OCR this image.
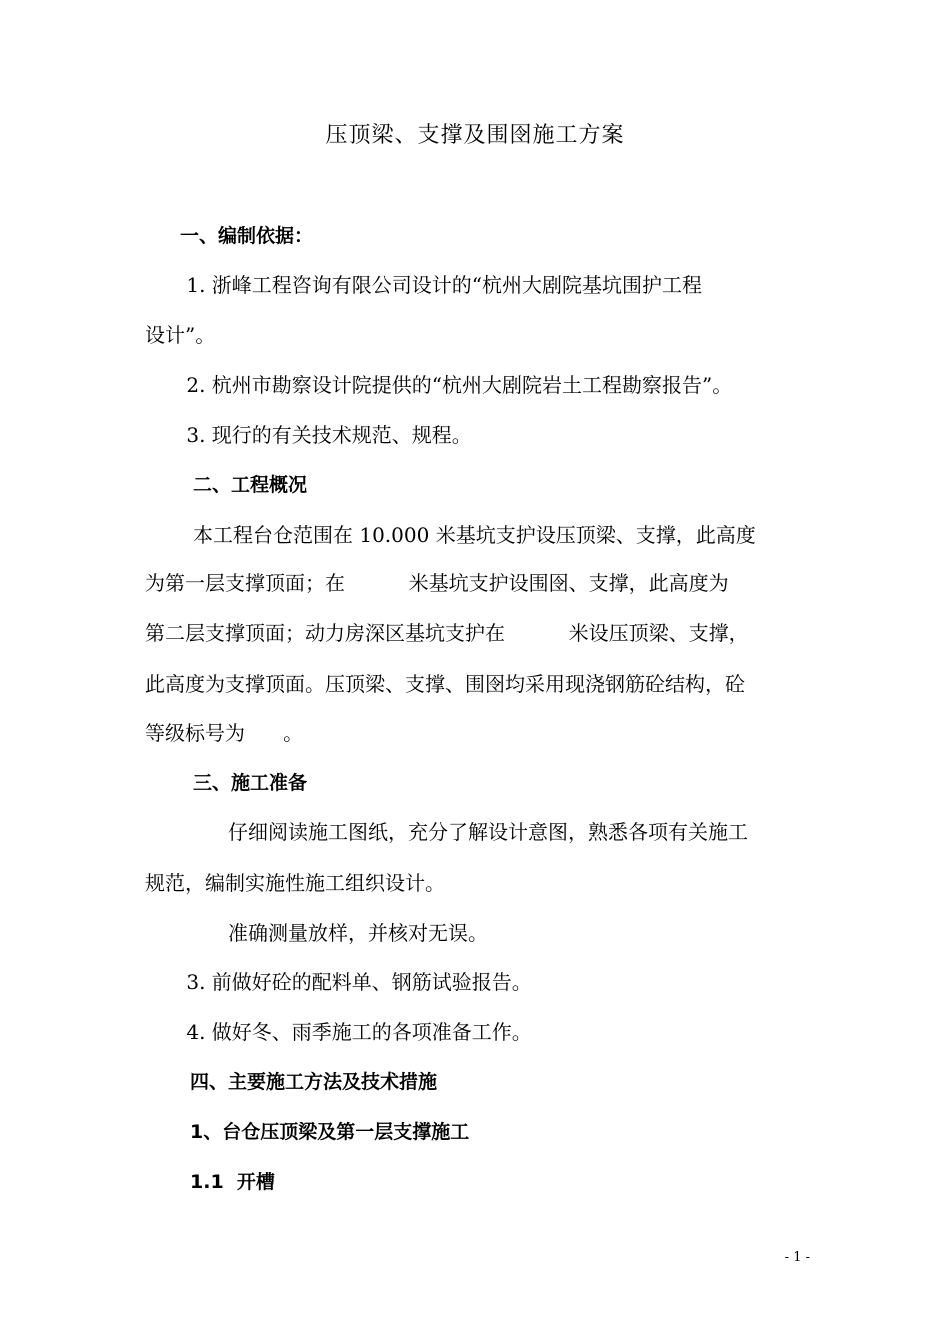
压顶梁、支撑及围囹施工方案
一、编制依据：
1. 浙峰工程咨询有限公司设计的“杭州大剧院基坑围护工程
设计”。
2. 杭州市勘察设计院提供的“杭州大剧院岩土工程勘察报告”。
3. 现行的有关技术规范、规程。
二、工程概况
本工程台仓范围在 10.000 米基坑支护设压顶梁、支撑，此高度
为第一层支撑顶面；在          米基坑支护设围囹、支撑，此高度为
第二层支撑顶面；动力房深区基坑支护在          米设压顶梁、支撑，
此高度为支撑顶面。压顶梁、支撑、围囹均采用现浇钢筋砼结构，砼
等级标号为      。
三、施工准备
仔细阅读施工图纸，充分了解设计意图，熟悉各项有关施工
规范，编制实施性施工组织设计。
准确测量放样，并核对无误。
3. 前做好砼的配料单、钢筋试验报告。
4. 做好冬、雨季施工的各项准备工作。
四、主要施工方法及技术措施
1、台仓压顶梁及第一层支撑施工
1.1  开槽
- 1 -
